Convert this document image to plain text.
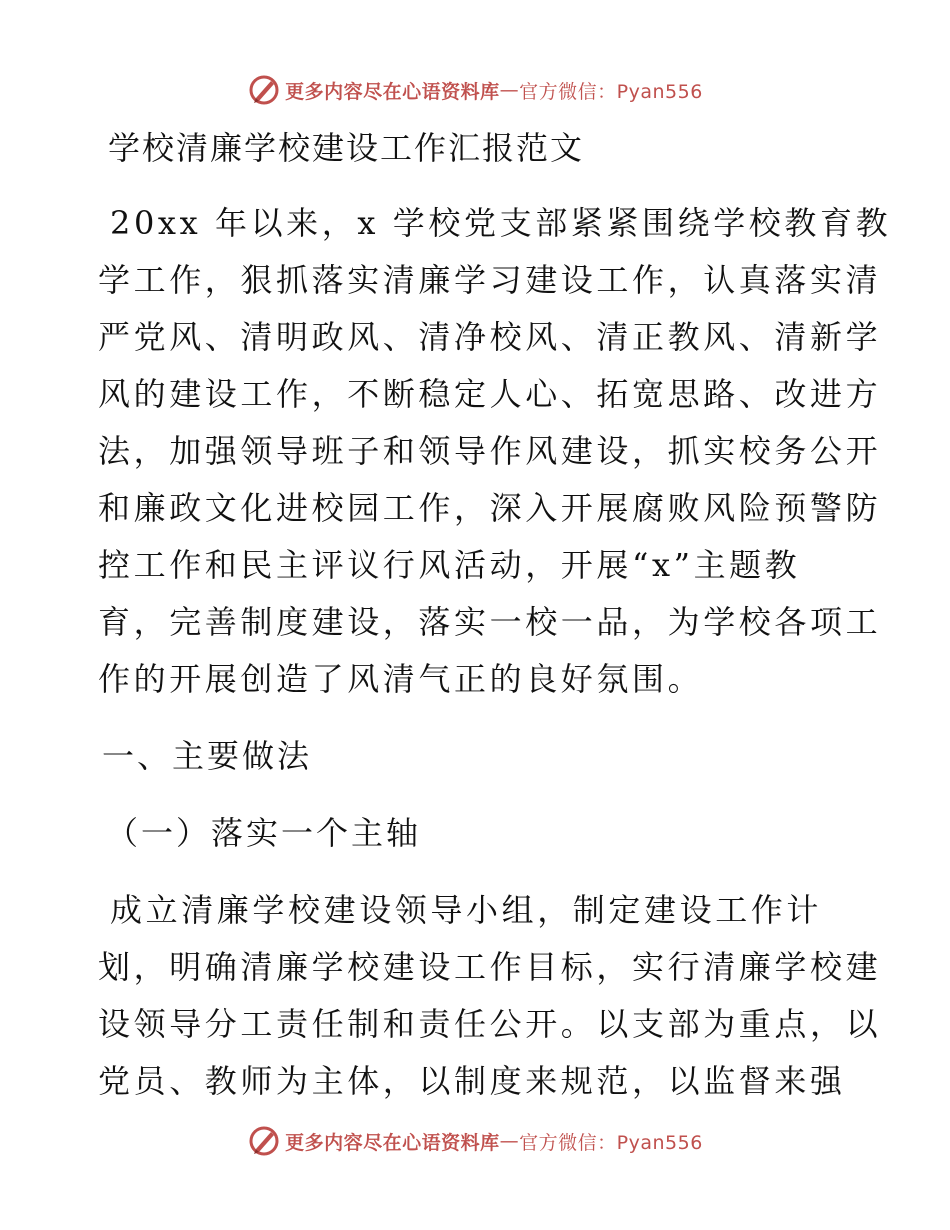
更多内容尽在心语资料库 — 官方微信：Pyan556
学校清廉学校建设工作汇报范文
20xx 年以来，x 学校党支部紧紧围绕学校教育教
学工作，狠抓落实清廉学习建设工作，认真落实清
严党风、清明政风、清净校风、清正教风、清新学
风的建设工作，不断稳定人心、拓宽思路、改进方
法，加强领导班子和领导作风建设，抓实校务公开
和廉政文化进校园工作，深入开展腐败风险预警防
控工作和民主评议行风活动，开展“x”主题教
育，完善制度建设，落实一校一品，为学校各项工
作的开展创造了风清气正的良好氛围。
一、主要做法
（一）落实一个主轴
成立清廉学校建设领导小组，制定建设工作计
划，明确清廉学校建设工作目标，实行清廉学校建
设领导分工责任制和责任公开。以支部为重点，以
党员、教师为主体，以制度来规范，以监督来强
更多内容尽在心语资料库 — 官方微信：Pyan556
